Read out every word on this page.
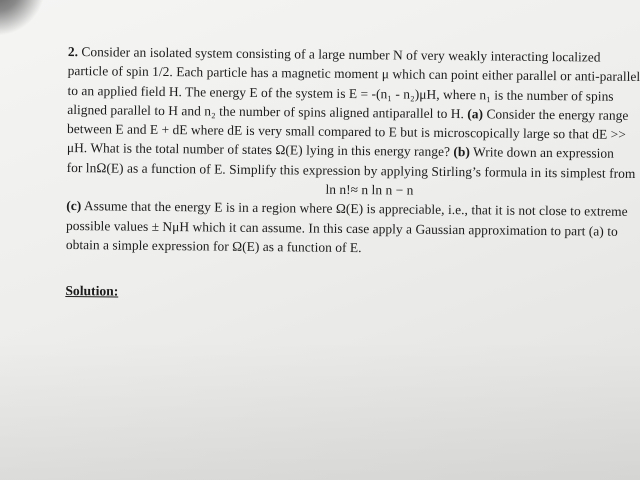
2. Consider an isolated system consisting of a large number N of very weakly interacting localized
particle of spin 1/2. Each particle has a magnetic moment μ which can point either parallel or anti-parallel
to an applied field H. The energy E of the system is E = -(n₁ - n₂)μH, where n₁ is the number of spins
aligned parallel to H and n₂ the number of spins aligned antiparallel to H. (a) Consider the energy range
between E and E + dE where dE is very small compared to E but is microscopically large so that dE >>
μH. What is the total number of states Ω(E) lying in this energy range? (b) Write down an expression
for lnΩ(E) as a function of E. Simplify this expression by applying Stirling’s formula in its simplest from
ln n!≈ n ln n − n
(c) Assume that the energy E is in a region where Ω(E) is appreciable, i.e., that it is not close to extreme
possible values ± NμH which it can assume. In this case apply a Gaussian approximation to part (a) to
obtain a simple expression for Ω(E) as a function of E.
Solution:
